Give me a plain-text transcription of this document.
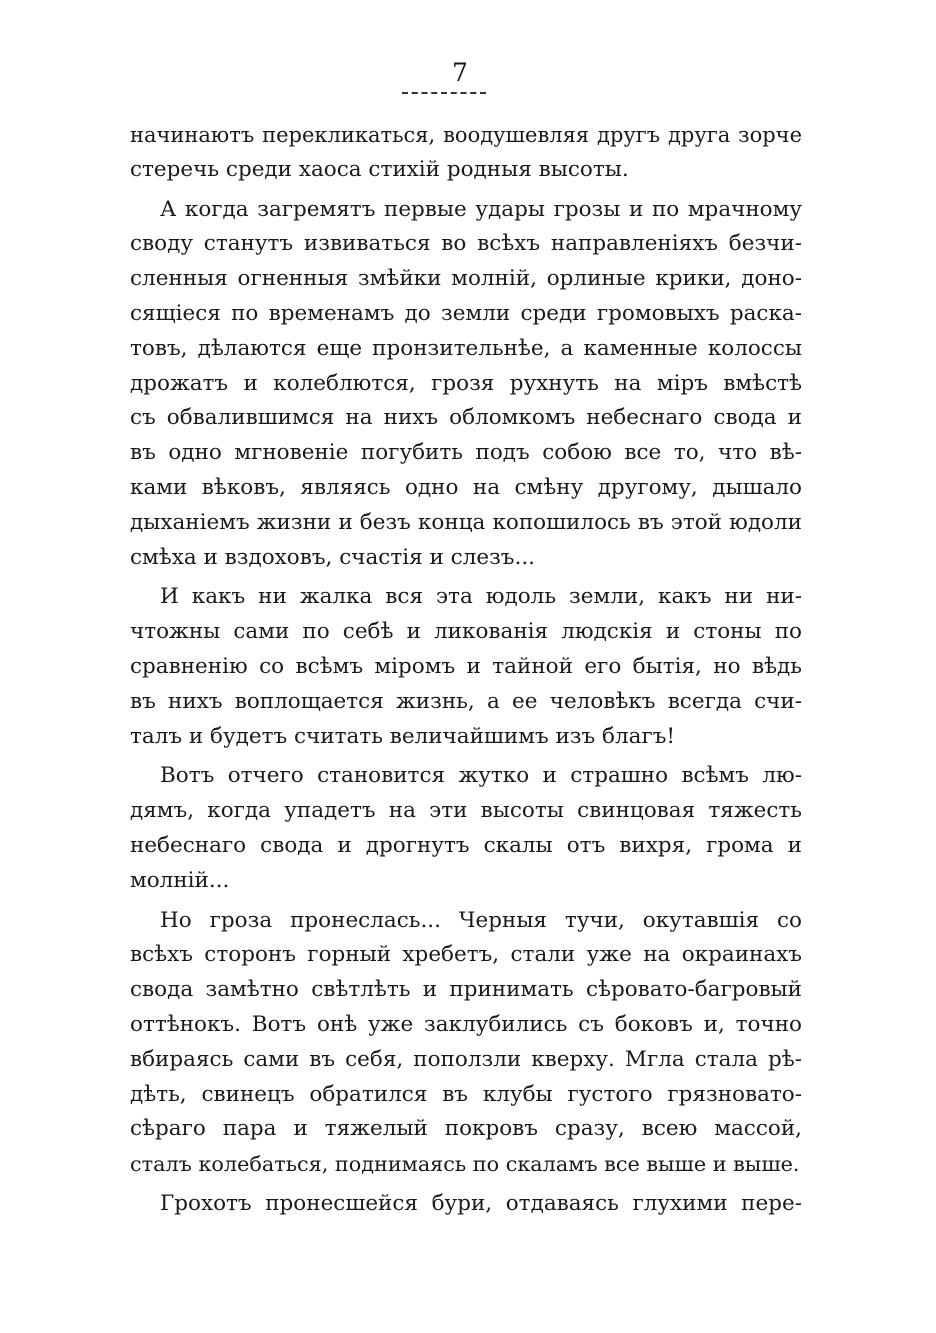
7
начинаютъ перекликаться, воодушевляя другъ друга зорче
стеречь среди хаоса стихій родныя высоты.
А когда загремятъ первые удары грозы и по мрачному
своду станутъ извиваться во всѣхъ направленіяхъ безчи-
сленныя огненныя змѣйки молній, орлиные крики, доно-
сящіеся по временамъ до земли среди громовыхъ раска-
товъ, дѣлаются еще пронзительнѣе, а каменные колоссы
дрожатъ и колеблются, грозя рухнуть на міръ вмѣстѣ
съ обвалившимся на нихъ обломкомъ небеснаго свода и
въ одно мгновеніе погубить подъ собою все то, что вѣ-
ками вѣковъ, являясь одно на смѣну другому, дышало
дыханіемъ жизни и безъ конца копошилось въ этой юдоли
смѣха и вздоховъ, счастія и слезъ...
И какъ ни жалка вся эта юдоль земли, какъ ни ни-
чтожны сами по себѣ и ликованія людскія и стоны по
сравненію со всѣмъ міромъ и тайной его бытія, но вѣдь
въ нихъ воплощается жизнь, а ее человѣкъ всегда счи-
талъ и будетъ считать величайшимъ изъ благъ!
Вотъ отчего становится жутко и страшно всѣмъ лю-
дямъ, когда упадетъ на эти высоты свинцовая тяжесть
небеснаго свода и дрогнутъ скалы отъ вихря, грома и
молній...
Но гроза пронеслась... Черныя тучи, окутавшія со
всѣхъ сторонъ горный хребетъ, стали уже на окраинахъ
свода замѣтно свѣтлѣть и принимать сѣровато-багровый
оттѣнокъ. Вотъ онѣ уже заклубились съ боковъ и, точно
вбираясь сами въ себя, поползли кверху. Мгла стала рѣ-
дѣть, свинецъ обратился въ клубы густого грязновато-
сѣраго пара и тяжелый покровъ сразу, всею массой,
сталъ колебаться, поднимаясь по скаламъ все выше и выше.
Грохотъ пронесшейся бури, отдаваясь глухими пере-
